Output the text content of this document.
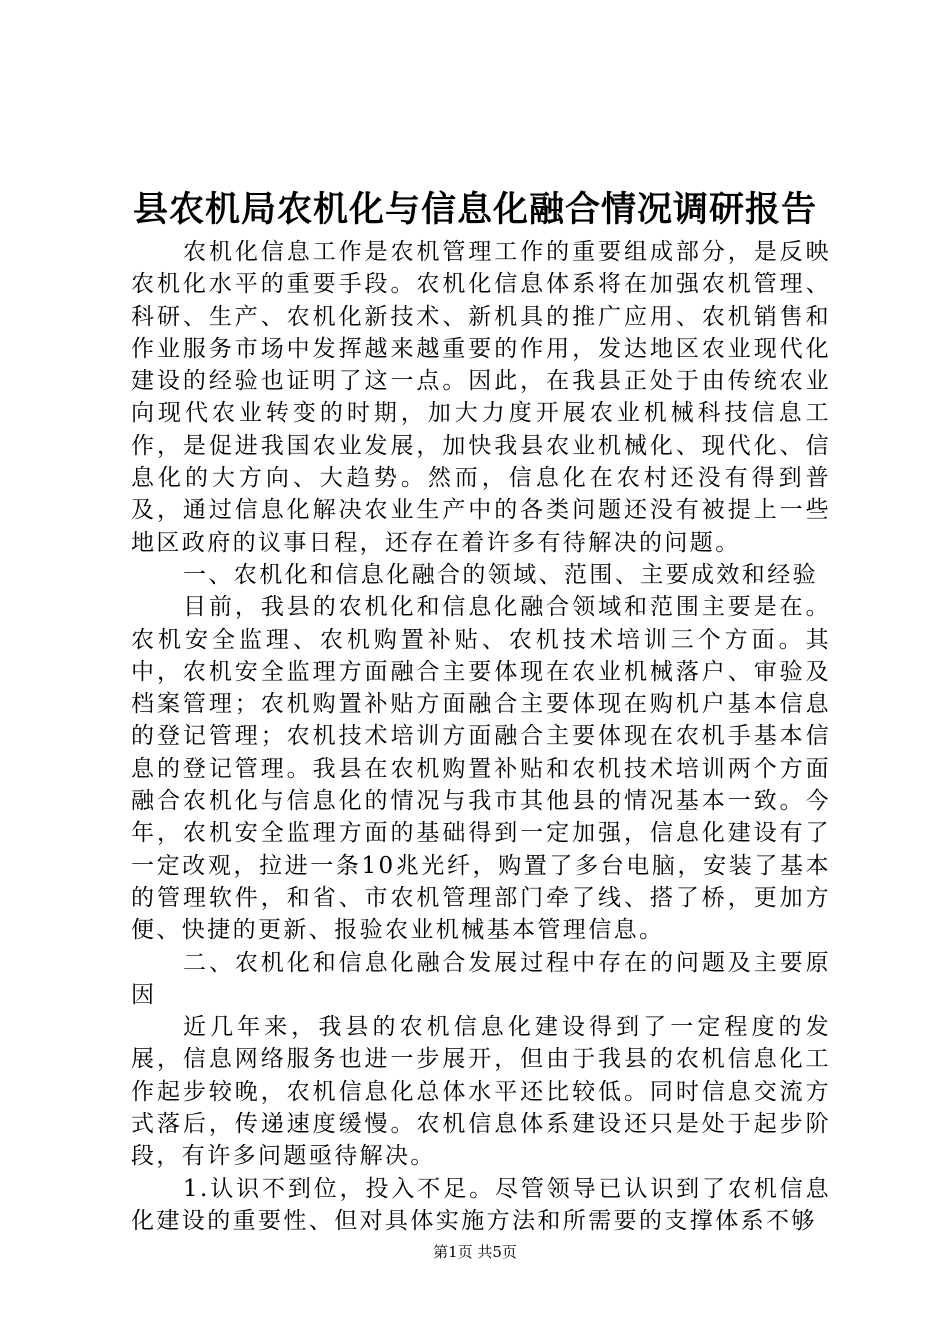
县农机局农机化与信息化融合情况调研报告

农机化信息工作是农机管理工作的重要组成部分，是反映农机化水平的重要手段。农机化信息体系将在加强农机管理、科研、生产、农机化新技术、新机具的推广应用、农机销售和作业服务市场中发挥越来越重要的作用，发达地区农业现代化建设的经验也证明了这一点。因此，在我县正处于由传统农业向现代农业转变的时期，加大力度开展农业机械科技信息工作，是促进我国农业发展，加快我县农业机械化、现代化、信息化的大方向、大趋势。然而，信息化在农村还没有得到普及，通过信息化解决农业生产中的各类问题还没有被提上一些地区政府的议事日程，还存在着许多有待解决的问题。

一、农机化和信息化融合的领域、范围、主要成效和经验

目前，我县的农机化和信息化融合领域和范围主要是在。农机安全监理、农机购置补贴、农机技术培训三个方面。其中，农机安全监理方面融合主要体现在农业机械落户、审验及档案管理；农机购置补贴方面融合主要体现在购机户基本信息的登记管理；农机技术培训方面融合主要体现在农机手基本信息的登记管理。我县在农机购置补贴和农机技术培训两个方面融合农机化与信息化的情况与我市其他县的情况基本一致。今年，农机安全监理方面的基础得到一定加强，信息化建设有了一定改观，拉进一条10兆光纤，购置了多台电脑，安装了基本的管理软件，和省、市农机管理部门牵了线、搭了桥，更加方便、快捷的更新、报验农业机械基本管理信息。

二、农机化和信息化融合发展过程中存在的问题及主要原因

近几年来，我县的农机信息化建设得到了一定程度的发展，信息网络服务也进一步展开，但由于我县的农机信息化工作起步较晚，农机信息化总体水平还比较低。同时信息交流方式落后，传递速度缓慢。农机信息体系建设还只是处于起步阶段，有许多问题亟待解决。

1.认识不到位，投入不足。尽管领导已认识到了农机信息化建设的重要性、但对具体实施方法和所需要的支撑体系不够

第1页 共5页
